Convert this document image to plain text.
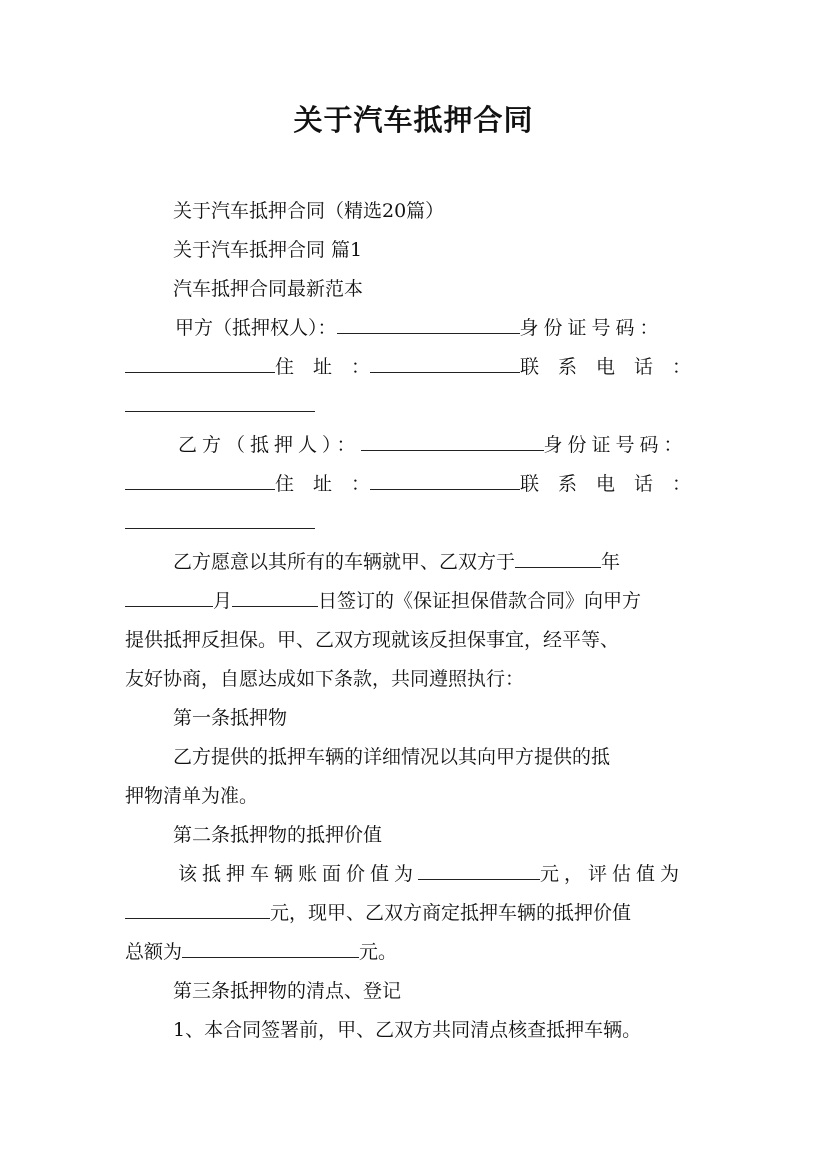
关于汽车抵押合同
关于汽车抵押合同（精选20篇）
关于汽车抵押合同 篇1
汽车抵押合同最新范本
甲方（抵押权人）：	身份证号码：
住　址　：	联　系　电　话　：
乙方（抵押人）：	身份证号码：
住　址　：	联　系　电　话　：
乙方愿意以其所有的车辆就甲、乙双方于	年
月	日签订的《保证担保借款合同》向甲方
提供抵押反担保。甲、乙双方现就该反担保事宜，经平等、
友好协商，自愿达成如下条款，共同遵照执行：
第一条抵押物
乙方提供的抵押车辆的详细情况以其向甲方提供的抵
押物清单为准。
第二条抵押物的抵押价值
该抵押车辆账面价值为	元，评估值为
元，现甲、乙双方商定抵押车辆的抵押价值
总额为	元。
第三条抵押物的清点、登记
1、本合同签署前，甲、乙双方共同清点核查抵押车辆。
